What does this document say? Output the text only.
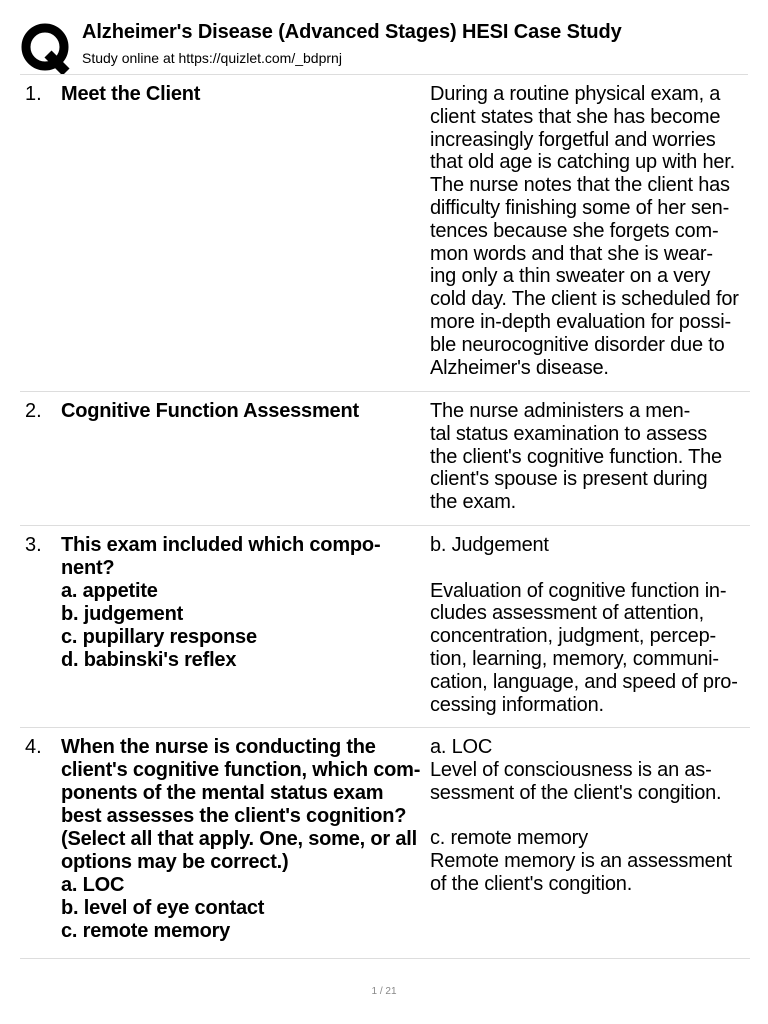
Alzheimer's Disease (Advanced Stages) HESI Case Study
Study online at https://quizlet.com/_bdprnj
1. Meet the Client	During a routine physical exam, a
client states that she has become
increasingly forgetful and worries
that old age is catching up with her.
The nurse notes that the client has
difficulty finishing some of her sen-
tences because she forgets com-
mon words and that she is wear-
ing only a thin sweater on a very
cold day. The client is scheduled for
more in-depth evaluation for possi-
ble neurocognitive disorder due to
Alzheimer's disease.
2. Cognitive Function Assessment	The nurse administers a men-
tal status examination to assess
the client's cognitive function. The
client's spouse is present during
the exam.
3. This exam included which compo-
nent?
a. appetite
b. judgement
c. pupillary response
d. babinski's reflex
b. Judgement
Evaluation of cognitive function in-
cludes assessment of attention,
concentration, judgment, percep-
tion, learning, memory, communi-
cation, language, and speed of pro-
cessing information.
4. When the nurse is conducting the
client's cognitive function, which com-
ponents of the mental status exam
best assesses the client's cognition?
(Select all that apply. One, some, or all
options may be correct.)
a. LOC
b. level of eye contact
c. remote memory
a. LOC
Level of consciousness is an as-
sessment of the client's congition.
c. remote memory
Remote memory is an assessment
of the client's congition.
1 / 21
